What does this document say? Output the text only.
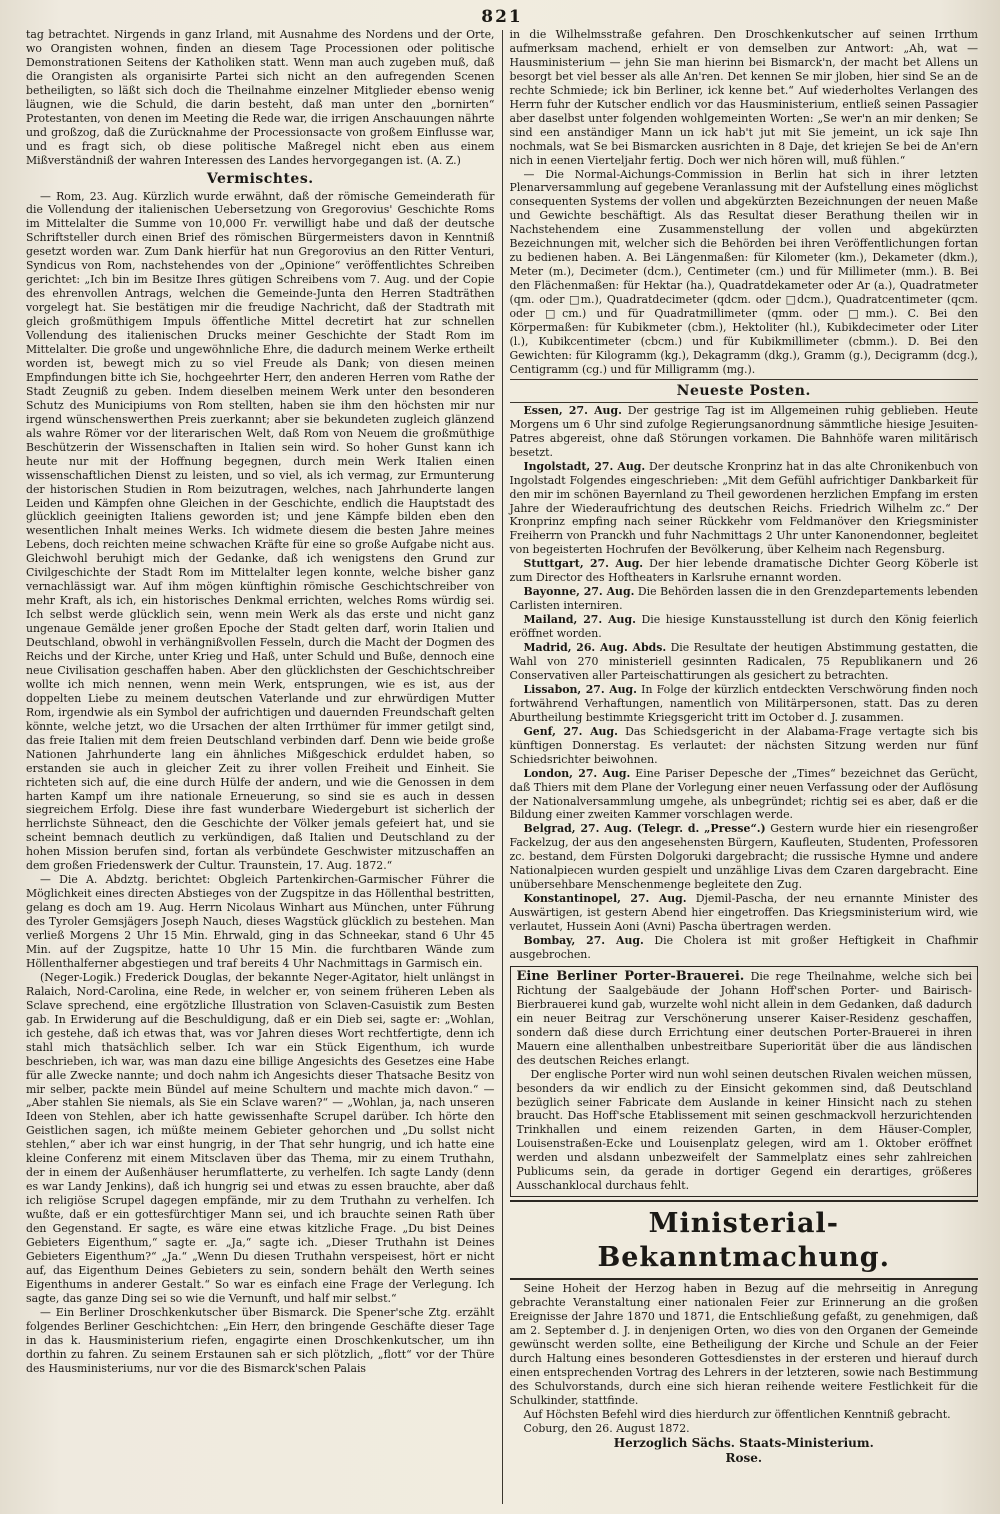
821

tag betrachtet. Nirgends in ganz Irland, mit Ausnahme des Nordens und der Orte, wo Orangisten wohnen, finden an diesem Tage Processionen oder politische Demonstrationen Seitens der Katholiken statt. Wenn man auch zugeben muß, daß die Orangisten als organisirte Partei sich nicht an den aufregenden Scenen betheiligten, so läßt sich doch die Theilnahme einzelner Mitglieder ebenso wenig läugnen, wie die Schuld, die darin besteht, daß man unter den „bornirten“ Protestanten, von denen im Meeting die Rede war, die irrigen Anschauungen nährte und großzog, daß die Zurücknahme der Processionsacte von großem Einflusse war, und es fragt sich, ob diese politische Maßregel nicht eben aus einem Mißverständniß der wahren Interessen des Landes hervorgegangen ist. (A. Z.)

Vermischtes.

— Rom, 23. Aug. Kürzlich wurde erwähnt, daß der römische Gemeinderath für die Vollendung der italienischen Uebersetzung von Gregorovius' Geschichte Roms im Mittelalter die Summe von 10,000 Fr. verwilligt habe und daß der deutsche Schriftsteller durch einen Brief des römischen Bürgermeisters davon in Kenntniß gesetzt worden war. Zum Dank hierfür hat nun Gregorovius an den Ritter Venturi, Syndicus von Rom, nachstehendes von der „Opinione“ veröffentlichtes Schreiben gerichtet: „Ich bin im Besitze Ihres gütigen Schreibens vom 7. Aug. und der Copie des ehrenvollen Antrags, welchen die Gemeinde-Junta den Herren Stadträthen vorgelegt hat. Sie bestätigen mir die freudige Nachricht, daß der Stadtrath mit gleich großmüthigem Impuls öffentliche Mittel decretirt hat zur schnellen Vollendung des italienischen Drucks meiner Geschichte der Stadt Rom im Mittelalter. Die große und ungewöhnliche Ehre, die dadurch meinem Werke ertheilt worden ist, bewegt mich zu so viel Freude als Dank; von diesen meinen Empfindungen bitte ich Sie, hochgeehrter Herr, den anderen Herren vom Rathe der Stadt Zeugniß zu geben. Indem dieselben meinem Werk unter den besonderen Schutz des Municipiums von Rom stellten, haben sie ihm den höchsten mir nur irgend wünschenswerthen Preis zuerkannt; aber sie bekundeten zugleich glänzend als wahre Römer vor der literarischen Welt, daß Rom von Neuem die großmüthige Beschützerin der Wissenschaften in Italien sein wird. So hoher Gunst kann ich heute nur mit der Hoffnung begegnen, durch mein Werk Italien einen wissenschaftlichen Dienst zu leisten, und so viel, als ich vermag, zur Ermunterung der historischen Studien in Rom beizutragen, welches, nach Jahrhunderte langen Leiden und Kämpfen ohne Gleichen in der Geschichte, endlich die Hauptstadt des glücklich geeinigten Italiens geworden ist; und jene Kämpfe bilden eben den wesentlichen Inhalt meines Werks. Ich widmete diesem die besten Jahre meines Lebens, doch reichten meine schwachen Kräfte für eine so große Aufgabe nicht aus. Gleichwohl beruhigt mich der Gedanke, daß ich wenigstens den Grund zur Civilgeschichte der Stadt Rom im Mittelalter legen konnte, welche bisher ganz vernachlässigt war. Auf ihm mögen künftighin römische Geschichtschreiber von mehr Kraft, als ich, ein historisches Denkmal errichten, welches Roms würdig sei. Ich selbst werde glücklich sein, wenn mein Werk als das erste und nicht ganz ungenaue Gemälde jener großen Epoche der Stadt gelten darf, worin Italien und Deutschland, obwohl in verhängnißvollen Fesseln, durch die Macht der Dogmen des Reichs und der Kirche, unter Krieg und Haß, unter Schuld und Buße, dennoch eine neue Civilisation geschaffen haben. Aber den glücklichsten der Geschichtschreiber wollte ich mich nennen, wenn mein Werk, entsprungen, wie es ist, aus der doppelten Liebe zu meinem deutschen Vaterlande und zur ehrwürdigen Mutter Rom, irgendwie als ein Symbol der aufrichtigen und dauernden Freundschaft gelten könnte, welche jetzt, wo die Ursachen der alten Irrthümer für immer getilgt sind, das freie Italien mit dem freien Deutschland verbinden darf. Denn wie beide große Nationen Jahrhunderte lang ein ähnliches Mißgeschick erduldet haben, so erstanden sie auch in gleicher Zeit zu ihrer vollen Freiheit und Einheit. Sie richteten sich auf, die eine durch Hülfe der andern, und wie die Genossen in dem harten Kampf um ihre nationale Erneuerung, so sind sie es auch in dessen siegreichem Erfolg. Diese ihre fast wunderbare Wiedergeburt ist sicherlich der herrlichste Sühneact, den die Geschichte der Völker jemals gefeiert hat, und sie scheint bemnach deutlich zu verkündigen, daß Italien und Deutschland zu der hohen Mission berufen sind, fortan als verbündete Geschwister mitzuschaffen an dem großen Friedenswerk der Cultur. Traunstein, 17. Aug. 1872.“

— Die A. Abdztg. berichtet: Obgleich Partenkirchen-Garmischer Führer die Möglichkeit eines directen Abstieges von der Zugspitze in das Höllenthal bestritten, gelang es doch am 19. Aug. Herrn Nicolaus Winhart aus München, unter Führung des Tyroler Gemsjägers Joseph Nauch, dieses Wagstück glücklich zu bestehen. Man verließ Morgens 2 Uhr 15 Min. Ehrwald, ging in das Schneekar, stand 6 Uhr 45 Min. auf der Zugspitze, hatte 10 Uhr 15 Min. die furchtbaren Wände zum Höllenthalferner abgestiegen und traf bereits 4 Uhr Nachmittags in Garmisch ein.

(Neger-Logik.) Frederick Douglas, der bekannte Neger-Agitator, hielt unlängst in Ralaich, Nord-Carolina, eine Rede, in welcher er, von seinem früheren Leben als Sclave sprechend, eine ergötzliche Illustration von Sclaven-Casuistik zum Besten gab. In Erwiderung auf die Beschuldigung, daß er ein Dieb sei, sagte er: „Wohlan, ich gestehe, daß ich etwas that, was vor Jahren dieses Wort rechtfertigte, denn ich stahl mich thatsächlich selber. Ich war ein Stück Eigenthum, ich wurde beschrieben, ich war, was man dazu eine billige Angesichts des Gesetzes eine Habe für alle Zwecke nannte; und doch nahm ich Angesichts dieser Thatsache Besitz von mir selber, packte mein Bündel auf meine Schultern und machte mich davon.“ — „Aber stahlen Sie niemals, als Sie ein Sclave waren?“ — „Wohlan, ja, nach unseren Ideen von Stehlen, aber ich hatte gewissenhafte Scrupel darüber. Ich hörte den Geistlichen sagen, ich müßte meinem Gebieter gehorchen und „Du sollst nicht stehlen,“ aber ich war einst hungrig, in der That sehr hungrig, und ich hatte eine kleine Conferenz mit einem Mitsclaven über das Thema, mir zu einem Truthahn, der in einem der Außenhäuser herumflatterte, zu verhelfen. Ich sagte Landy (denn es war Landy Jenkins), daß ich hungrig sei und etwas zu essen brauchte, aber daß ich religiöse Scrupel dagegen empfände, mir zu dem Truthahn zu verhelfen. Ich wußte, daß er ein gottesfürchtiger Mann sei, und ich brauchte seinen Rath über den Gegenstand. Er sagte, es wäre eine etwas kitzliche Frage. „Du bist Deines Gebieters Eigenthum,“ sagte er. „Ja,“ sagte ich. „Dieser Truthahn ist Deines Gebieters Eigenthum?“ „Ja.“ „Wenn Du diesen Truthahn verspeisest, hört er nicht auf, das Eigenthum Deines Gebieters zu sein, sondern behält den Werth seines Eigenthums in anderer Gestalt.“ So war es einfach eine Frage der Verlegung. Ich sagte, das ganze Ding sei so wie die Vernunft, und half mir selbst.“

— Ein Berliner Droschkenkutscher über Bismarck. Die Spener'sche Ztg. erzählt folgendes Berliner Geschichtchen: „Ein Herr, den bringende Geschäfte dieser Tage in das k. Hausministerium riefen, engagirte einen Droschkenkutscher, um ihn dorthin zu fahren. Zu seinem Erstaunen sah er sich plötzlich, „flott“ vor der Thüre des Hausministeriums, nur vor die des Bismarck'schen Palais

in die Wilhelmsstraße gefahren. Den Droschkenkutscher auf seinen Irrthum aufmerksam machend, erhielt er von demselben zur Antwort: „Ah, wat — Hausministerium — jehn Sie man hierinn bei Bismarck'n, der macht bet Allens un besorgt bet viel besser als alle An'ren. Det kennen Se mir jloben, hier sind Se an de rechte Schmiede; ick bin Berliner, ick kenne bet.“ Auf wiederholtes Verlangen des Herrn fuhr der Kutscher endlich vor das Hausministerium, entließ seinen Passagier aber daselbst unter folgenden wohlgemeinten Worten: „Se wer'n an mir denken; Se sind een anständiger Mann un ick hab't jut mit Sie jemeint, un ick saje Ihn nochmals, wat Se bei Bismarcken ausrichten in 8 Daje, det kriejen Se bei de An'ern nich in eenen Vierteljahr fertig. Doch wer nich hören will, muß fühlen.“

— Die Normal-Aichungs-Commission in Berlin hat sich in ihrer letzten Plenarversammlung auf gegebene Veranlassung mit der Aufstellung eines möglichst consequenten Systems der vollen und abgekürzten Bezeichnungen der neuen Maße und Gewichte beschäftigt. Als das Resultat dieser Berathung theilen wir in Nachstehendem eine Zusammenstellung der vollen und abgekürzten Bezeichnungen mit, welcher sich die Behörden bei ihren Veröffentlichungen fortan zu bedienen haben. A. Bei Längenmaßen: für Kilometer (km.), Dekameter (dkm.), Meter (m.), Decimeter (dcm.), Centimeter (cm.) und für Millimeter (mm.). B. Bei den Flächenmaßen: für Hektar (ha.), Quadratdekameter oder Ar (a.), Quadratmeter (qm. oder □m.), Quadratdecimeter (qdcm. oder □dcm.), Quadratcentimeter (qcm. oder □cm.) und für Quadratmillimeter (qmm. oder □mm.). C. Bei den Körpermaßen: für Kubikmeter (cbm.), Hektoliter (hl.), Kubikdecimeter oder Liter (l.), Kubikcentimeter (cbcm.) und für Kubikmillimeter (cbmm.). D. Bei den Gewichten: für Kilogramm (kg.), Dekagramm (dkg.), Gramm (g.), Decigramm (dcg.), Centigramm (cg.) und für Milligramm (mg.).

Neueste Posten.

Essen, 27. Aug. Der gestrige Tag ist im Allgemeinen ruhig geblieben. Heute Morgens um 6 Uhr sind zufolge Regierungsanordnung sämmtliche hiesige Jesuiten-Patres abgereist, ohne daß Störungen vorkamen. Die Bahnhöfe waren militärisch besetzt.

Ingolstadt, 27. Aug. Der deutsche Kronprinz hat in das alte Chronikenbuch von Ingolstadt Folgendes eingeschrieben: „Mit dem Gefühl aufrichtiger Dankbarkeit für den mir im schönen Bayernland zu Theil gewordenen herzlichen Empfang im ersten Jahre der Wiederaufrichtung des deutschen Reichs. Friedrich Wilhelm zc.“ Der Kronprinz empfing nach seiner Rückkehr vom Feldmanöver den Kriegsminister Freiherrn von Pranckh und fuhr Nachmittags 2 Uhr unter Kanonendonner, begleitet von begeisterten Hochrufen der Bevölkerung, über Kelheim nach Regensburg.

Stuttgart, 27. Aug. Der hier lebende dramatische Dichter Georg Köberle ist zum Director des Hoftheaters in Karlsruhe ernannt worden.

Bayonne, 27. Aug. Die Behörden lassen die in den Grenzdepartements lebenden Carlisten interniren.

Mailand, 27. Aug. Die hiesige Kunstausstellung ist durch den König feierlich eröffnet worden.

Madrid, 26. Aug. Abds. Die Resultate der heutigen Abstimmung gestatten, die Wahl von 270 ministeriell gesinnten Radicalen, 75 Republikanern und 26 Conservativen aller Parteischattirungen als gesichert zu betrachten.

Lissabon, 27. Aug. In Folge der kürzlich entdeckten Verschwörung finden noch fortwährend Verhaftungen, namentlich von Militärpersonen, statt. Das zu deren Aburtheilung bestimmte Kriegsgericht tritt im October d. J. zusammen.

Genf, 27. Aug. Das Schiedsgericht in der Alabama-Frage vertagte sich bis künftigen Donnerstag. Es verlautet: der nächsten Sitzung werden nur fünf Schiedsrichter beiwohnen.

London, 27. Aug. Eine Pariser Depesche der „Times“ bezeichnet das Gerücht, daß Thiers mit dem Plane der Vorlegung einer neuen Verfassung oder der Auflösung der Nationalversammlung umgehe, als unbegründet; richtig sei es aber, daß er die Bildung einer zweiten Kammer vorschlagen werde.

Belgrad, 27. Aug. (Telegr. d. „Presse“.) Gestern wurde hier ein riesengroßer Fackelzug, der aus den angesehensten Bürgern, Kaufleuten, Studenten, Professoren zc. bestand, dem Fürsten Dolgoruki dargebracht; die russische Hymne und andere Nationalpiecen wurden gespielt und unzählige Livas dem Czaren dargebracht. Eine unübersehbare Menschenmenge begleitete den Zug.

Konstantinopel, 27. Aug. Djemil-Pascha, der neu ernannte Minister des Auswärtigen, ist gestern Abend hier eingetroffen. Das Kriegsministerium wird, wie verlautet, Hussein Aoni (Avni) Pascha übertragen werden.

Bombay, 27. Aug. Die Cholera ist mit großer Heftigkeit in Chafhmir ausgebrochen.

Eine Berliner Porter-Brauerei. Die rege Theilnahme, welche sich bei Richtung der Saalgebäude der Johann Hoff'schen Porter- und Bairisch-Bierbrauerei kund gab, wurzelte wohl nicht allein in dem Gedanken, daß dadurch ein neuer Beitrag zur Verschönerung unserer Kaiser-Residenz geschaffen, sondern daß diese durch Errichtung einer deutschen Porter-Brauerei in ihren Mauern eine allenthalben unbestreitbare Superiorität über die aus ländischen des deutschen Reiches erlangt.

Der englische Porter wird nun wohl seinen deutschen Rivalen weichen müssen, besonders da wir endlich zu der Einsicht gekommen sind, daß Deutschland bezüglich seiner Fabricate dem Auslande in keiner Hinsicht nach zu stehen braucht. Das Hoff'sche Etablissement mit seinen geschmackvoll herzurichtenden Trinkhallen und einem reizenden Garten, in dem Häuser-Compler, Louisenstraßen-Ecke und Louisenplatz gelegen, wird am 1. Oktober eröffnet werden und alsdann unbezweifelt der Sammelplatz eines sehr zahlreichen Publicums sein, da gerade in dortiger Gegend ein derartiges, größeres Ausschanklocal durchaus fehlt.

Ministerial-Bekanntmachung.

Seine Hoheit der Herzog haben in Bezug auf die mehrseitig in Anregung gebrachte Veranstaltung einer nationalen Feier zur Erinnerung an die großen Ereignisse der Jahre 1870 und 1871, die Entschließung gefaßt, zu genehmigen, daß am 2. September d. J. in denjenigen Orten, wo dies von den Organen der Gemeinde gewünscht werden sollte, eine Betheiligung der Kirche und Schule an der Feier durch Haltung eines besonderen Gottesdienstes in der ersteren und hierauf durch einen entsprechenden Vortrag des Lehrers in der letzteren, sowie nach Bestimmung des Schulvorstands, durch eine sich hieran reihende weitere Festlichkeit für die Schulkinder, stattfinde.

Auf Höchsten Befehl wird dies hierdurch zur öffentlichen Kenntniß gebracht.

Coburg, den 26. August 1872.

Herzoglich Sächs. Staats-Ministerium.
Rose.
